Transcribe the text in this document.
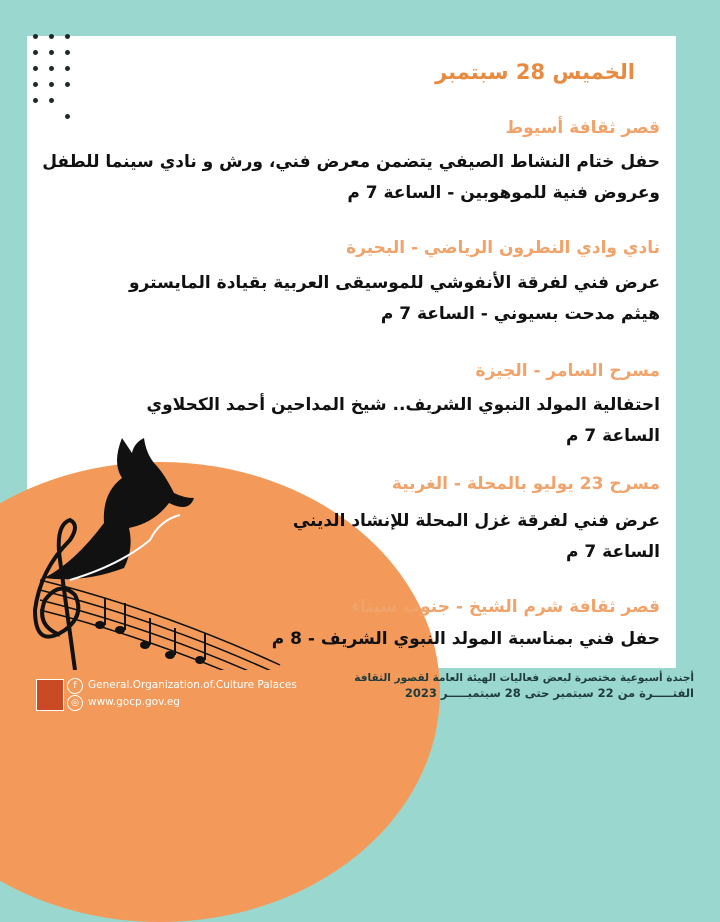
الخميس 28 سبتمبر
قصر ثقافة أسيوط
حفل ختام النشاط الصيفي يتضمن معرض فني، ورش و نادي سينما للطفل
وعروض فنية للموهوبين - الساعة 7 م
نادي وادي النطرون الرياضي - البحيرة
عرض فني لفرقة الأنفوشي للموسيقى العربية بقيادة المايسترو
هيثم مدحت بسيوني - الساعة 7 م
مسرح السامر - الجيزة
احتفالية المولد النبوي الشريف.. شيخ المداحين أحمد الكحلاوي
الساعة 7 م
مسرح 23 يوليو بالمحلة - الغربية
عرض فني لفرقة غزل المحلة للإنشاد الديني
الساعة 7 م
قصر ثقافة شرم الشيخ - جنوب سيناء
حفل فني بمناسبة المولد النبوي الشريف - 8 م
f	General.Organization.of.Culture Palaces
◎ www.gocp.gov.eg
أجندة أسبوعية مختصرة لبعض فعاليات الهيئة العامة لقصور الثقافة
الفتـــــرة من 22 سبتمبر حتى 28 سبتمبـــــر 2023
